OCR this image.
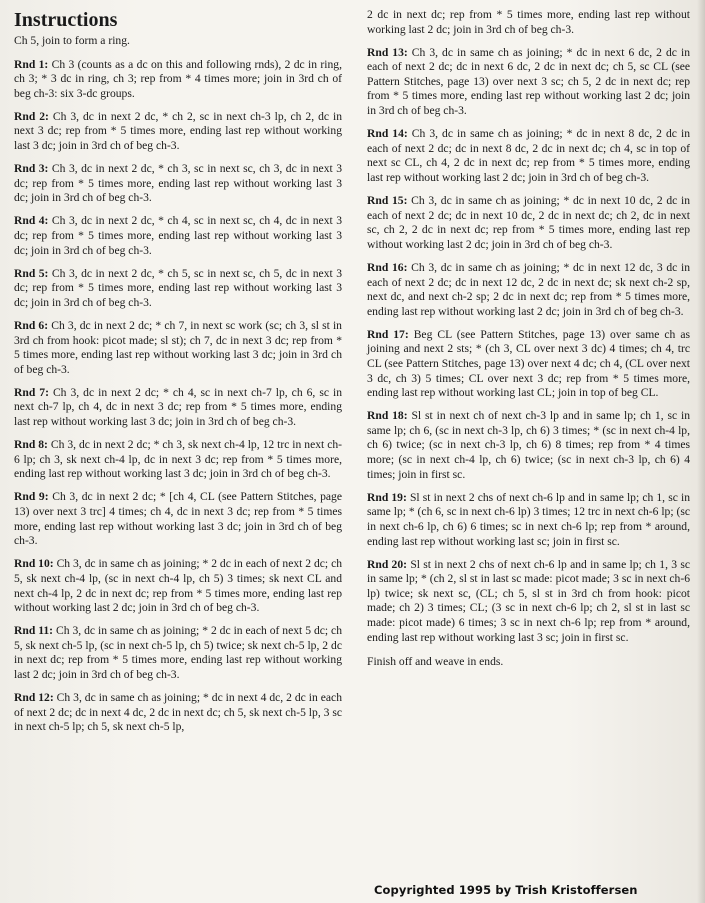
Instructions
Ch 5, join to form a ring.
Rnd 1: Ch 3 (counts as a dc on this and following rnds), 2 dc in ring, ch 3; * 3 dc in ring, ch 3; rep from * 4 times more; join in 3rd ch of beg ch-3: six 3-dc groups.
Rnd 2: Ch 3, dc in next 2 dc, * ch 2, sc in next ch-3 lp, ch 2, dc in next 3 dc; rep from * 5 times more, ending last rep without working last 3 dc; join in 3rd ch of beg ch-3.
Rnd 3: Ch 3, dc in next 2 dc, * ch 3, sc in next sc, ch 3, dc in next 3 dc; rep from * 5 times more, ending last rep without working last 3 dc; join in 3rd ch of beg ch-3.
Rnd 4: Ch 3, dc in next 2 dc, * ch 4, sc in next sc, ch 4, dc in next 3 dc; rep from * 5 times more, ending last rep without working last 3 dc; join in 3rd ch of beg ch-3.
Rnd 5: Ch 3, dc in next 2 dc, * ch 5, sc in next sc, ch 5, dc in next 3 dc; rep from * 5 times more, ending last rep without working last 3 dc; join in 3rd ch of beg ch-3.
Rnd 6: Ch 3, dc in next 2 dc; * ch 7, in next sc work (sc; ch 3, sl st in 3rd ch from hook: picot made; sl st); ch 7, dc in next 3 dc; rep from * 5 times more, ending last rep without working last 3 dc; join in 3rd ch of beg ch-3.
Rnd 7: Ch 3, dc in next 2 dc; * ch 4, sc in next ch-7 lp, ch 6, sc in next ch-7 lp, ch 4, dc in next 3 dc; rep from * 5 times more, ending last rep without working last 3 dc; join in 3rd ch of beg ch-3.
Rnd 8: Ch 3, dc in next 2 dc; * ch 3, sk next ch-4 lp, 12 trc in next ch-6 lp; ch 3, sk next ch-4 lp, dc in next 3 dc; rep from * 5 times more, ending last rep without working last 3 dc; join in 3rd ch of beg ch-3.
Rnd 9: Ch 3, dc in next 2 dc; * [ch 4, CL (see Pattern Stitches, page 13) over next 3 trc] 4 times; ch 4, dc in next 3 dc; rep from * 5 times more, ending last rep without working last 3 dc; join in 3rd ch of beg ch-3.
Rnd 10: Ch 3, dc in same ch as joining; * 2 dc in each of next 2 dc; ch 5, sk next ch-4 lp, (sc in next ch-4 lp, ch 5) 3 times; sk next CL and next ch-4 lp, 2 dc in next dc; rep from * 5 times more, ending last rep without working last 2 dc; join in 3rd ch of beg ch-3.
Rnd 11: Ch 3, dc in same ch as joining; * 2 dc in each of next 5 dc; ch 5, sk next ch-5 lp, (sc in next ch-5 lp, ch 5) twice; sk next ch-5 lp, 2 dc in next dc; rep from * 5 times more, ending last rep without working last 2 dc; join in 3rd ch of beg ch-3.
Rnd 12: Ch 3, dc in same ch as joining; * dc in next 4 dc, 2 dc in each of next 2 dc; dc in next 4 dc, 2 dc in next dc; ch 5, sk next ch-5 lp, 3 sc in next ch-5 lp; ch 5, sk next ch-5 lp,
2 dc in next dc; rep from * 5 times more, ending last rep without working last 2 dc; join in 3rd ch of beg ch-3.
Rnd 13: Ch 3, dc in same ch as joining; * dc in next 6 dc, 2 dc in each of next 2 dc; dc in next 6 dc, 2 dc in next dc; ch 5, sc CL (see Pattern Stitches, page 13) over next 3 sc; ch 5, 2 dc in next dc; rep from * 5 times more, ending last rep without working last 2 dc; join in 3rd ch of beg ch-3.
Rnd 14: Ch 3, dc in same ch as joining; * dc in next 8 dc, 2 dc in each of next 2 dc; dc in next 8 dc, 2 dc in next dc; ch 4, sc in top of next sc CL, ch 4, 2 dc in next dc; rep from * 5 times more, ending last rep without working last 2 dc; join in 3rd ch of beg ch-3.
Rnd 15: Ch 3, dc in same ch as joining; * dc in next 10 dc, 2 dc in each of next 2 dc; dc in next 10 dc, 2 dc in next dc; ch 2, dc in next sc, ch 2, 2 dc in next dc; rep from * 5 times more, ending last rep without working last 2 dc; join in 3rd ch of beg ch-3.
Rnd 16: Ch 3, dc in same ch as joining; * dc in next 12 dc, 3 dc in each of next 2 dc; dc in next 12 dc, 2 dc in next dc; sk next ch-2 sp, next dc, and next ch-2 sp; 2 dc in next dc; rep from * 5 times more, ending last rep without working last 2 dc; join in 3rd ch of beg ch-3.
Rnd 17: Beg CL (see Pattern Stitches, page 13) over same ch as joining and next 2 sts; * (ch 3, CL over next 3 dc) 4 times; ch 4, trc CL (see Pattern Stitches, page 13) over next 4 dc; ch 4, (CL over next 3 dc, ch 3) 5 times; CL over next 3 dc; rep from * 5 times more, ending last rep without working last CL; join in top of beg CL.
Rnd 18: Sl st in next ch of next ch-3 lp and in same lp; ch 1, sc in same lp; ch 6, (sc in next ch-3 lp, ch 6) 3 times; * (sc in next ch-4 lp, ch 6) twice; (sc in next ch-3 lp, ch 6) 8 times; rep from * 4 times more; (sc in next ch-4 lp, ch 6) twice; (sc in next ch-3 lp, ch 6) 4 times; join in first sc.
Rnd 19: Sl st in next 2 chs of next ch-6 lp and in same lp; ch 1, sc in same lp; * (ch 6, sc in next ch-6 lp) 3 times; 12 trc in next ch-6 lp; (sc in next ch-6 lp, ch 6) 6 times; sc in next ch-6 lp; rep from * around, ending last rep without working last sc; join in first sc.
Rnd 20: Sl st in next 2 chs of next ch-6 lp and in same lp; ch 1, 3 sc in same lp; * (ch 2, sl st in last sc made: picot made; 3 sc in next ch-6 lp) twice; sk next sc, (CL; ch 5, sl st in 3rd ch from hook: picot made; ch 2) 3 times; CL; (3 sc in next ch-6 lp; ch 2, sl st in last sc made: picot made) 6 times; 3 sc in next ch-6 lp; rep from * around, ending last rep without working last 3 sc; join in first sc.
Finish off and weave in ends.
Copyrighted 1995 by Trish Kristoffersen
